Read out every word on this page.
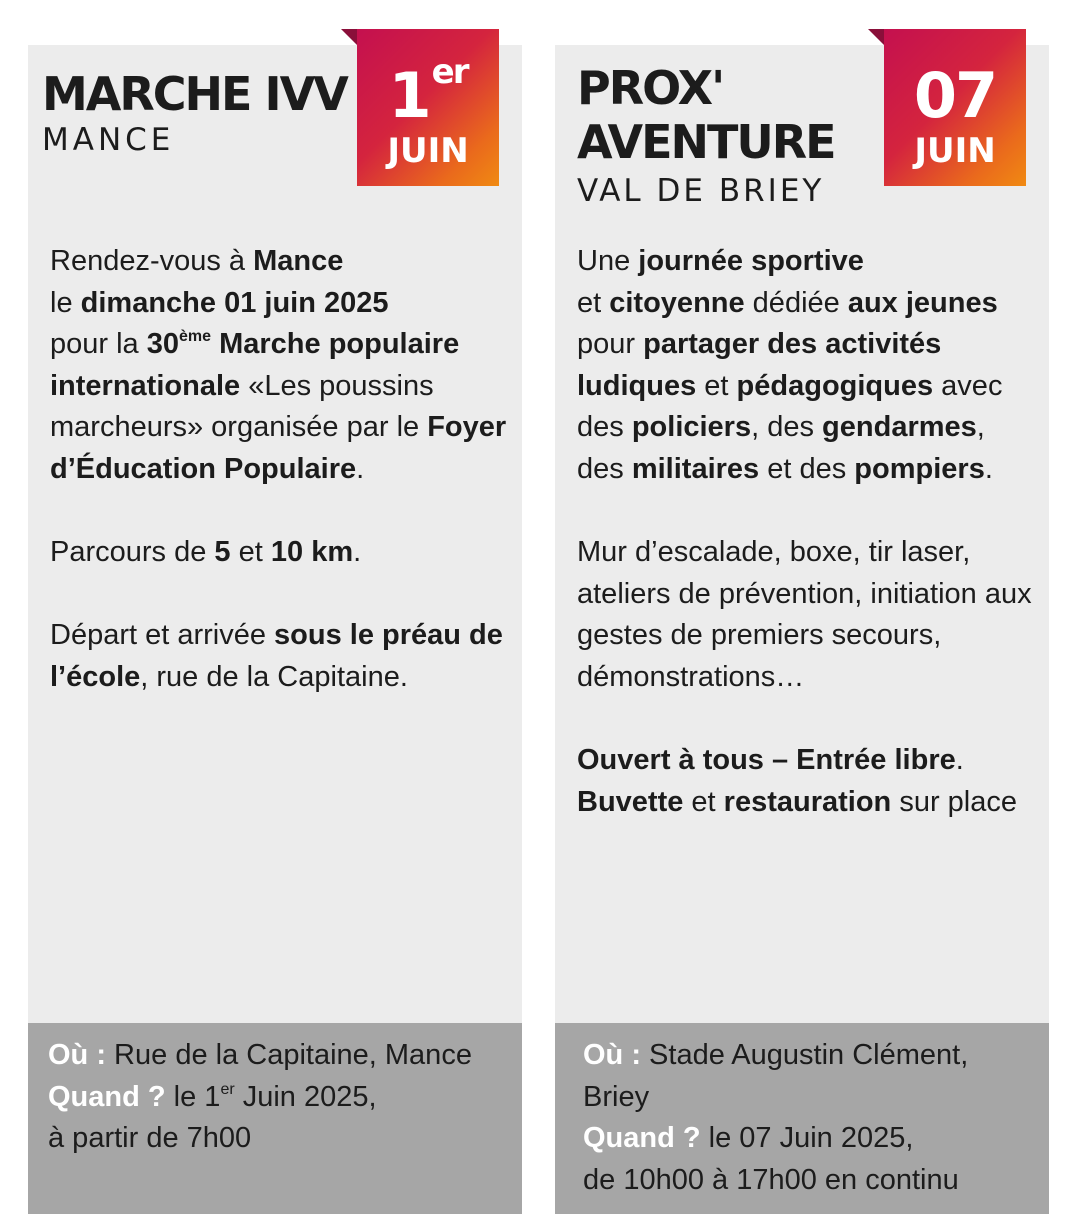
MARCHE IVV
MANCE
1er
JUIN

Rendez-vous à Mance
le dimanche 01 juin 2025
pour la 30ème Marche populaire internationale «Les poussins marcheurs» organisée par le Foyer d’Éducation Populaire.

Parcours de 5 et 10 km.

Départ et arrivée sous le préau de l’école, rue de la Capitaine.

Où : Rue de la Capitaine, Mance
Quand ? le 1er Juin 2025,
à partir de 7h00
PROX'
AVENTURE
VAL DE BRIEY
07
JUIN

Une journée sportive
et citoyenne dédiée aux jeunes
pour partager des activités ludiques et pédagogiques avec des policiers, des gendarmes,
des militaires et des pompiers.

Mur d’escalade, boxe, tir laser, ateliers de prévention, initiation aux gestes de premiers secours, démonstrations…

Ouvert à tous – Entrée libre.
Buvette et restauration sur place

Où : Stade Augustin Clément,
Briey
Quand ? le 07 Juin 2025,
de 10h00 à 17h00 en continu
